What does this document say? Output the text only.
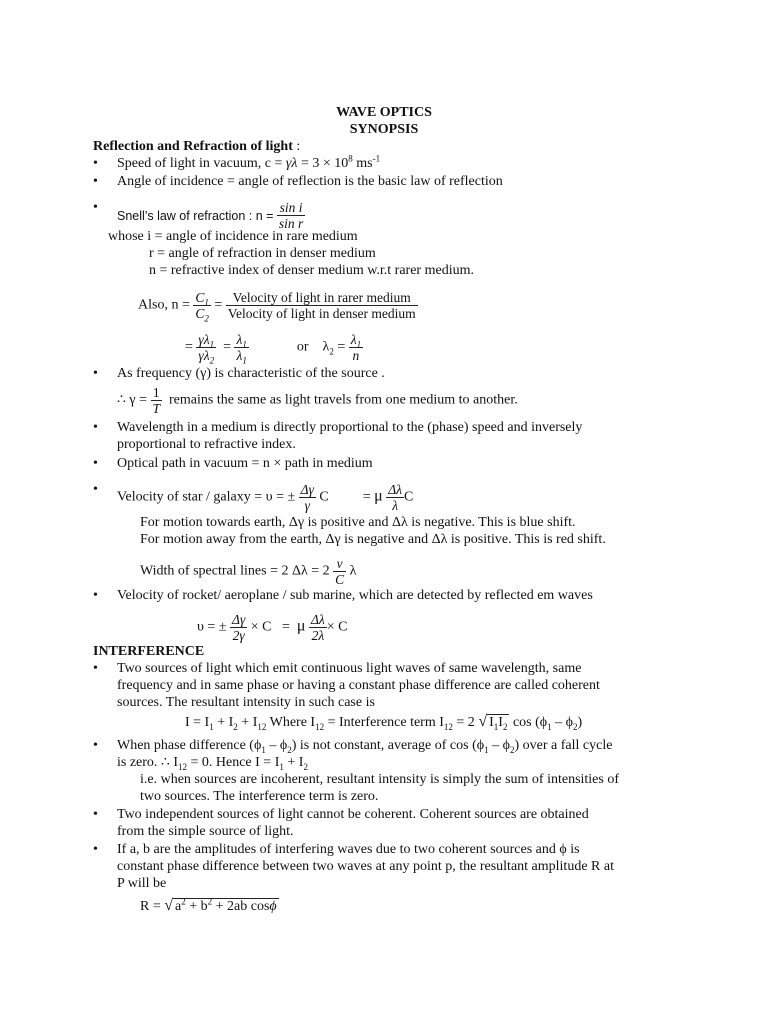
WAVE OPTICS
SYNOPSIS
Reflection and Refraction of light :
• Speed of light in vacuum, $c = \gamma\lambda = 3 \times 10^8$ $ms^{-1}$
• Angle of incidence = angle of reflection is the basic law of reflection
• Snell’s law of refraction : $n = \frac{\text{sin i}}{\text{sin r}}$
whose i = angle of incidence in rare medium
r = angle of refraction in denser medium
n = refractive index of denser medium w.r.t rarer medium.
Also, $n = \frac{C_1}{C_2} = \frac{\text{Velocity of light in rarer medium}}{\text{Velocity of light in denser medium}}$
= $\frac{\gamma\lambda_1}{\gamma\lambda_2} = \frac{\lambda_1}{\lambda_1}$	or $\lambda_2 = \frac{\lambda_1}{n}$
• As frequency (γ) is characteristic of the source .
∴ $\gamma = \frac{1}{T}$ remains the same as light travels from one medium to another.
• Wavelength in a medium is directly proportional to the (phase) speed and inversely
proportional to refractive index.
• Optical path in vacuum = n × path in medium
• Velocity of star / galaxy = υ = ± $\frac{\Delta\gamma}{\gamma}$ C = μ $\frac{\Delta\lambda}{\lambda}$ C
For motion towards earth, Δγ is positive and Δλ is negative. This is blue shift.
For motion away from the earth, Δγ is negative and Δλ is positive. This is red shift.
Width of spectral lines = 2 $\Delta\lambda = 2 \frac{v}{C}$ λ
• Velocity of rocket/ aeroplane / sub marine, which are detected by reflected em waves
υ = ± $\frac{\Delta\gamma}{2\gamma} \times C = \mu \frac{\Delta\lambda}{2\lambda} \times C$
INTERFERENCE
• Two sources of light which emit continuous light waves of same wavelength, same
frequency and in same phase or having a constant phase difference are called coherent
sources. The resultant intensity in such case is
$I = I_1 + I_2 + I_{12}$ Where $I_{12}$ = Interference term $I_{12} = 2$ √ $I_1I_2$ $\cos (\phi_1 - \phi_2)$
• When phase difference $(\phi_1 - \phi_2)$ is not constant, average of $\cos (\phi_1 - \phi_2)$ over a fall cycle
is zero. ∴ $I_{12} = 0$. Hence $I = I_1 + I_2$
i.e. when sources are incoherent, resultant intensity is simply the sum of intensities of
two sources. The interference term is zero.
• Two independent sources of light cannot be coherent. Coherent sources are obtained
from the simple source of light.
• If a, b are the amplitudes of interfering waves due to two coherent sources and ϕ is
constant phase difference between two waves at any point p, the resultant amplitude R at
P will be
R = √ $a^2 + b^2 + 2ab$ cosϕ
